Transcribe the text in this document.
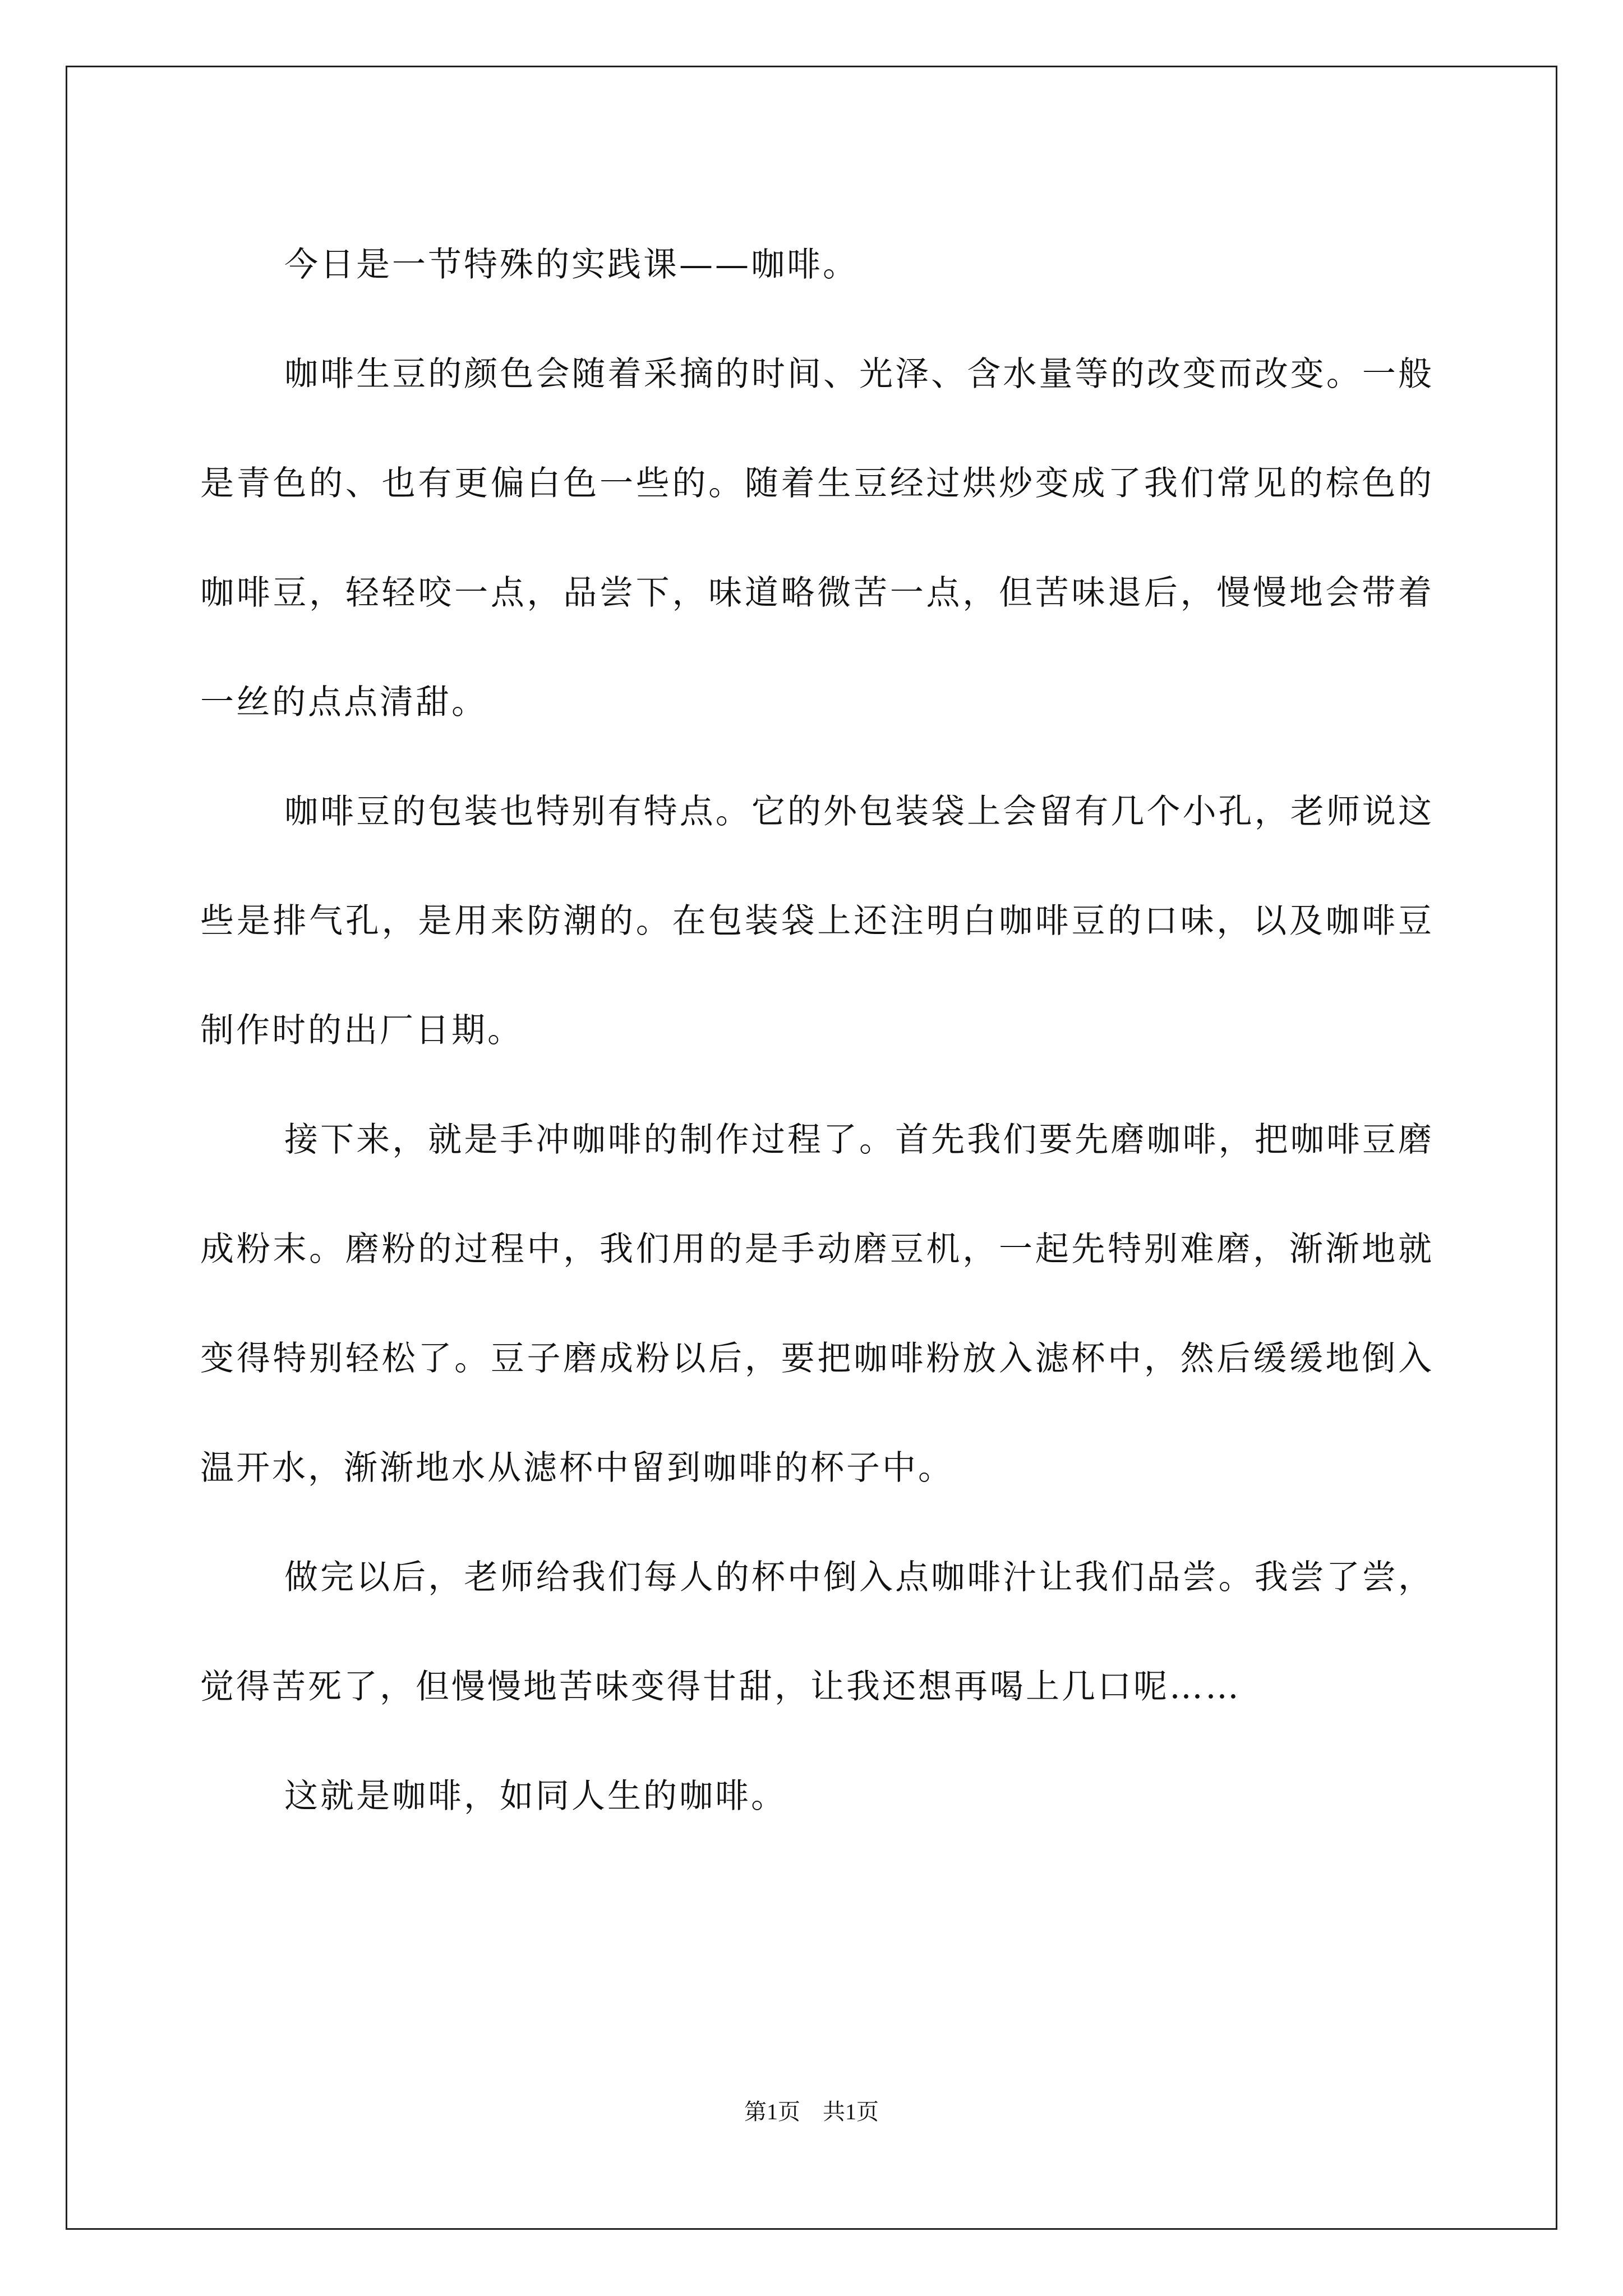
今日是一节特殊的实践课——咖啡。

咖啡生豆的颜色会随着采摘的时间、光泽、含水量等的改变而改变。一般是青色的、也有更偏白色一些的。随着生豆经过烘炒变成了我们常见的棕色的咖啡豆，轻轻咬一点，品尝下，味道略微苦一点，但苦味退后，慢慢地会带着一丝的点点清甜。

咖啡豆的包装也特别有特点。它的外包装袋上会留有几个小孔，老师说这些是排气孔，是用来防潮的。在包装袋上还注明白咖啡豆的口味，以及咖啡豆制作时的出厂日期。

接下来，就是手冲咖啡的制作过程了。首先我们要先磨咖啡，把咖啡豆磨成粉末。磨粉的过程中，我们用的是手动磨豆机，一起先特别难磨，渐渐地就变得特别轻松了。豆子磨成粉以后，要把咖啡粉放入滤杯中，然后缓缓地倒入温开水，渐渐地水从滤杯中留到咖啡的杯子中。

做完以后，老师给我们每人的杯中倒入点咖啡汁让我们品尝。我尝了尝，觉得苦死了，但慢慢地苦味变得甘甜，让我还想再喝上几口呢……

这就是咖啡，如同人生的咖啡。

第1页　共1页
